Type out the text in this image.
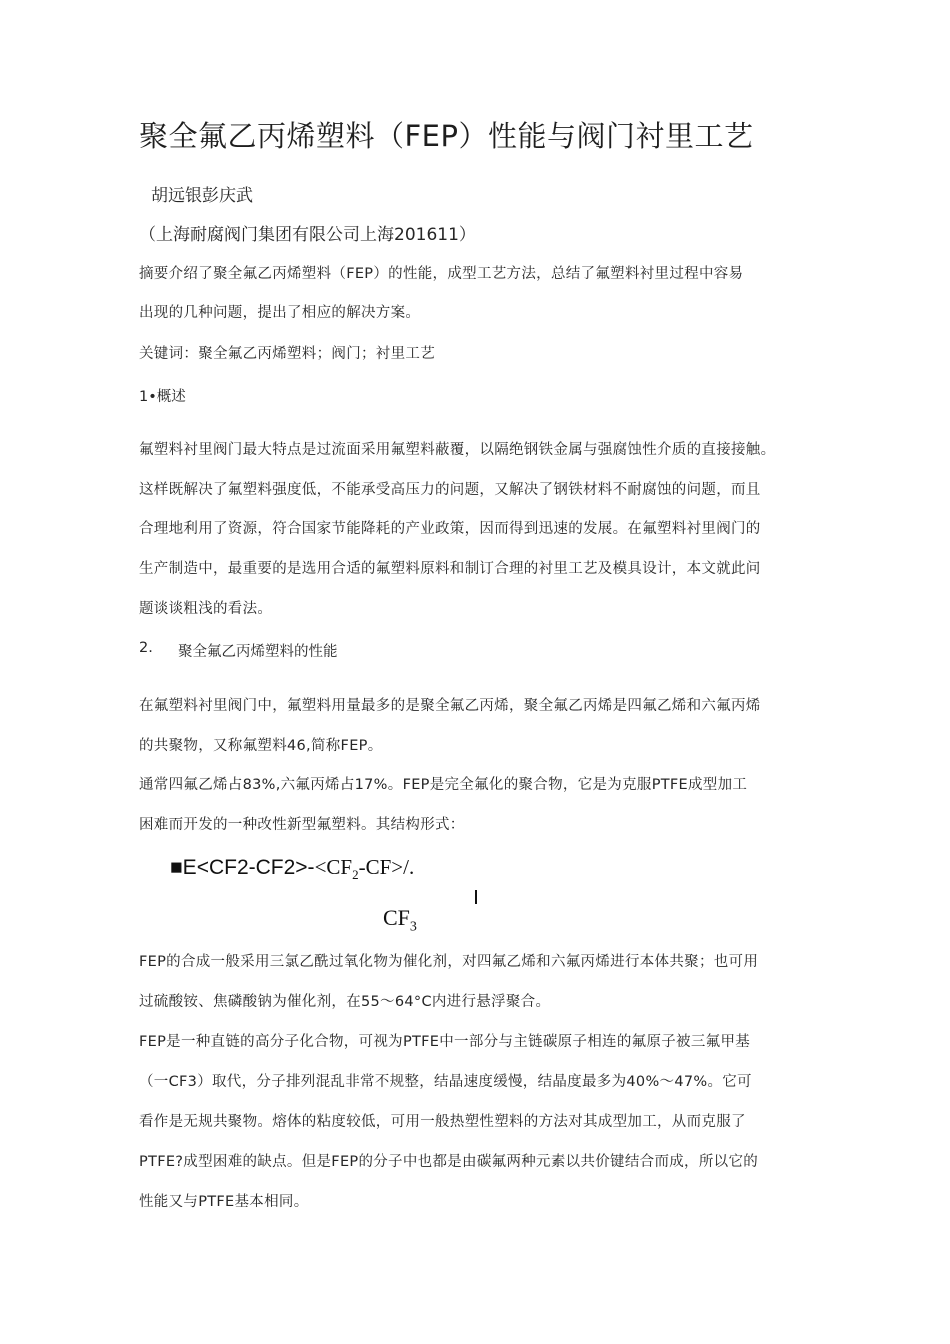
聚全氟乙丙烯塑料（FEP）性能与阀门衬里工艺
胡远银彭庆武
（上海耐腐阀门集团有限公司上海201611）
摘要介绍了聚全氟乙丙烯塑料（FEP）的性能，成型工艺方法，总结了氟塑料衬里过程中容易
出现的几种问题，提出了相应的解决方案。
关键词：聚全氟乙丙烯塑料；阀门；衬里工艺
1•概述
氟塑料衬里阀门最大特点是过流面采用氟塑料蔽覆，以隔绝钢铁金属与强腐蚀性介质的直接接触。
这样既解决了氟塑料强度低，不能承受高压力的问题，又解决了钢铁材料不耐腐蚀的问题，而且
合理地利用了资源，符合国家节能降耗的产业政策，因而得到迅速的发展。在氟塑料衬里阀门的
生产制造中，最重要的是选用合适的氟塑料原料和制订合理的衬里工艺及模具设计，本文就此问
题谈谈粗浅的看法。
2. 聚全氟乙丙烯塑料的性能
在氟塑料衬里阀门中，氟塑料用量最多的是聚全氟乙丙烯，聚全氟乙丙烯是四氟乙烯和六氟丙烯
的共聚物，又称氟塑料46,简称FEP。
通常四氟乙烯占83%,六氟丙烯占17%。FEP是完全氟化的聚合物，它是为克服PTFE成型加工
困难而开发的一种改性新型氟塑料。其结构形式：
$■E<CF2-CF2>-<CF_2-CF>/$.
$CF_3$
FEP的合成一般采用三氯乙酰过氧化物为催化剂，对四氟乙烯和六氟丙烯进行本体共聚；也可用
过硫酸铵、焦磷酸钠为催化剂，在55～64°C内进行悬浮聚合。
FEP是一种直链的高分子化合物，可视为PTFE中一部分与主链碳原子相连的氟原子被三氟甲基
（一CF3）取代，分子排列混乱非常不规整，结晶速度缓慢，结晶度最多为40%～47%。它可
看作是无规共聚物。熔体的粘度较低，可用一般热塑性塑料的方法对其成型加工，从而克服了
PTFE?成型困难的缺点。但是FEP的分子中也都是由碳氟两种元素以共价键结合而成，所以它的
性能又与PTFE基本相同。
